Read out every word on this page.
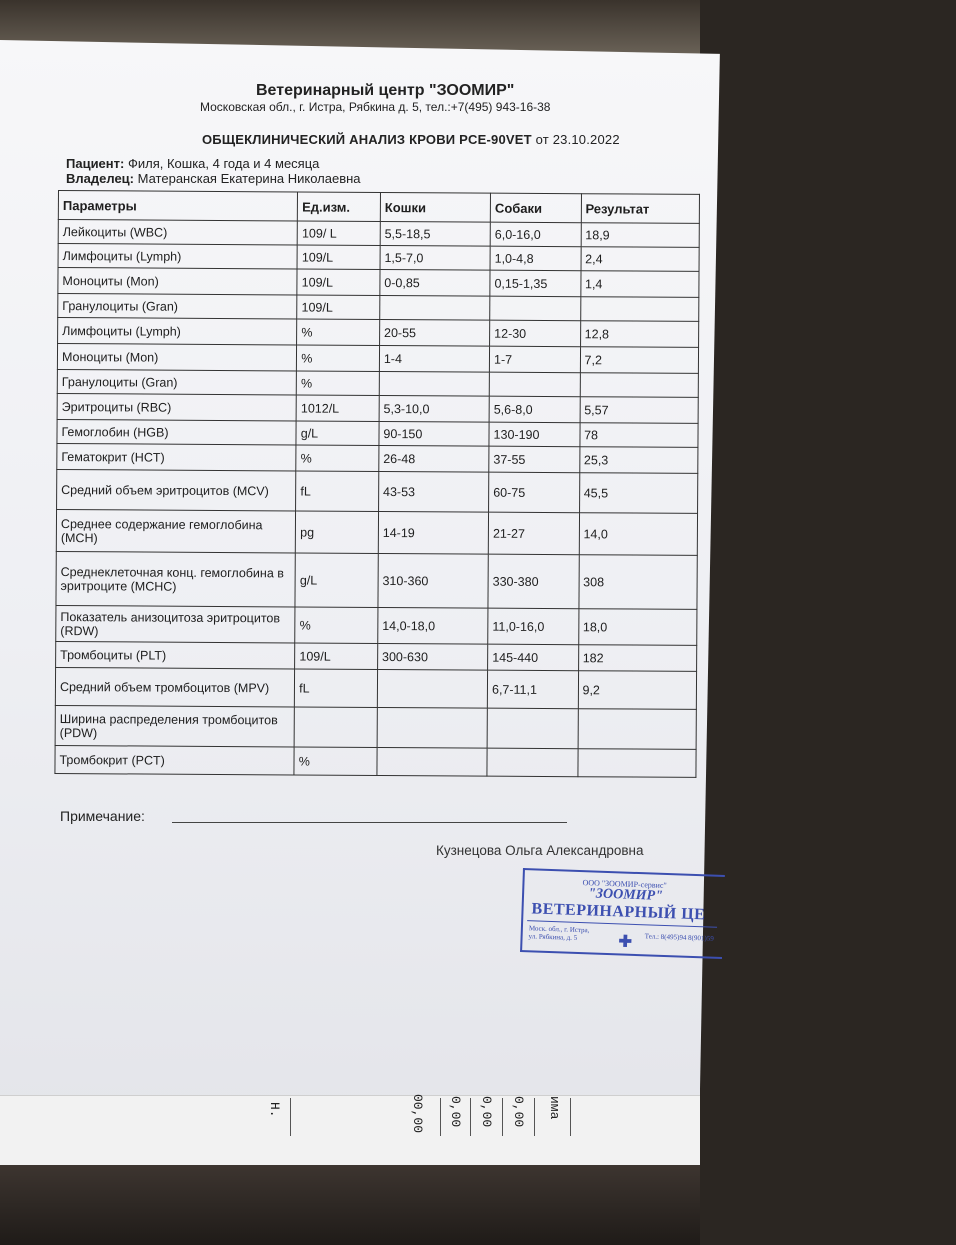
Ветеринарный центр "ЗООМИР"
Московская обл., г. Истра, Рябкина д. 5, тел.:+7(495) 943-16-38
ОБЩЕКЛИНИЧЕСКИЙ АНАЛИЗ КРОВИ PCE-90VET от 23.10.2022
Пациент: Филя, Кошка, 4 года и 4 месяца
Владелец: Матеранская Екатерина Николаевна
Параметры	Ед.изм.	Кошки	Собаки	Результат
Лейкоциты (WBC)	109/ L	5,5-18,5	6,0-16,0	18,9
Лимфоциты (Lymph)	109/L	1,5-7,0	1,0-4,8	2,4
Моноциты (Mon)	109/L	0-0,85	0,15-1,35	1,4
Гранулоциты (Gran)	109/L			
Лимфоциты (Lymph)	%	20-55	12-30	12,8
Моноциты (Mon)	%	1-4	1-7	7,2
Гранулоциты (Gran)	%			
Эритроциты (RBC)	1012/L	5,3-10,0	5,6-8,0	5,57
Гемоглобин (HGB)	g/L	90-150	130-190	78
Гематокрит (HCT)	%	26-48	37-55	25,3
Средний объем эритроцитов (MCV)	fL	43-53	60-75	45,5
Среднее содержание гемоглобина (MCH)	pg	14-19	21-27	14,0
Среднеклеточная конц. гемоглобина в эритроците (MCHC)	g/L	310-360	330-380	308
Показатель анизоцитоза эритроцитов (RDW)	%	14,0-18,0	11,0-16,0	18,0
Тромбоциты (PLT)	109/L	300-630	145-440	182
Средний объем тромбоцитов (MPV)	fL		6,7-11,1	9,2
Ширина распределения тромбоцитов (PDW)				
Тромбокрит (PCT)	%			
Примечание:
Кузнецова Ольга Александровна
ООО "ЗООМИР-сервис"
"ЗООМИР"
ВЕТЕРИНАРНЫЙ ЦЕ
Моск. обл., г. Истра, ул. Рябкина, д. 5	✚ Тел.: 8(495)94 8(901)59
Н.	00,00 0,00 0,00 0,00 има
